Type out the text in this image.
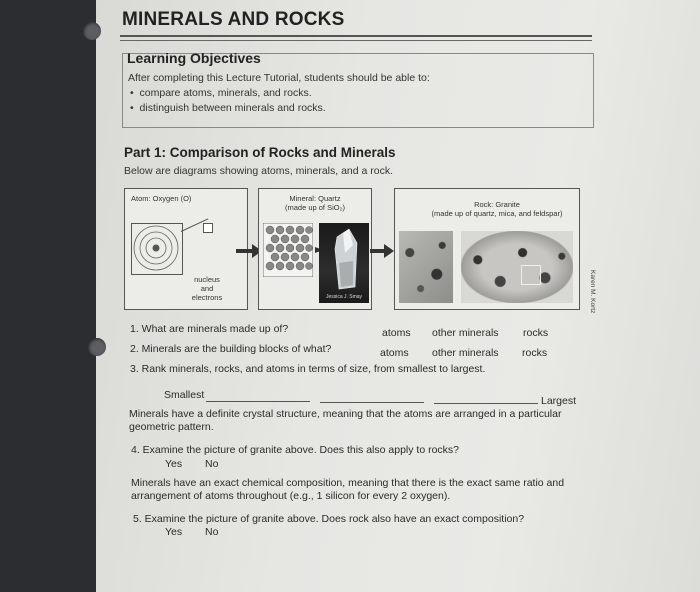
MINERALS AND ROCKS
Learning Objectives
After completing this Lecture Tutorial, students should be able to:
•  compare atoms, minerals, and rocks.
•  distinguish between minerals and rocks.
Part 1: Comparison of Rocks and Minerals
Below are diagrams showing atoms, minerals, and a rock.
Atom: Oxygen (O)
nucleus
and
electrons
Mineral: Quartz
(made up of SiO₂)
Jessica J. Smay
Rock: Granite
(made up of quartz, mica, and feldspar)
Karen M. Kortz
1. What are minerals made up of?	atoms other minerals rocks
2. Minerals are the building blocks of what?	atoms other minerals rocks
3. Rank minerals, rocks, and atoms in terms of size, from smallest to largest.
Smallest	Largest
Minerals have a definite crystal structure, meaning that the atoms are arranged in a particular
geometric pattern.
4. Examine the picture of granite above. Does this also apply to rocks?
Yes No
Minerals have an exact chemical composition, meaning that there is the exact same ratio and
arrangement of atoms throughout (e.g., 1 silicon for every 2 oxygen).
5. Examine the picture of granite above. Does rock also have an exact composition?
Yes No
